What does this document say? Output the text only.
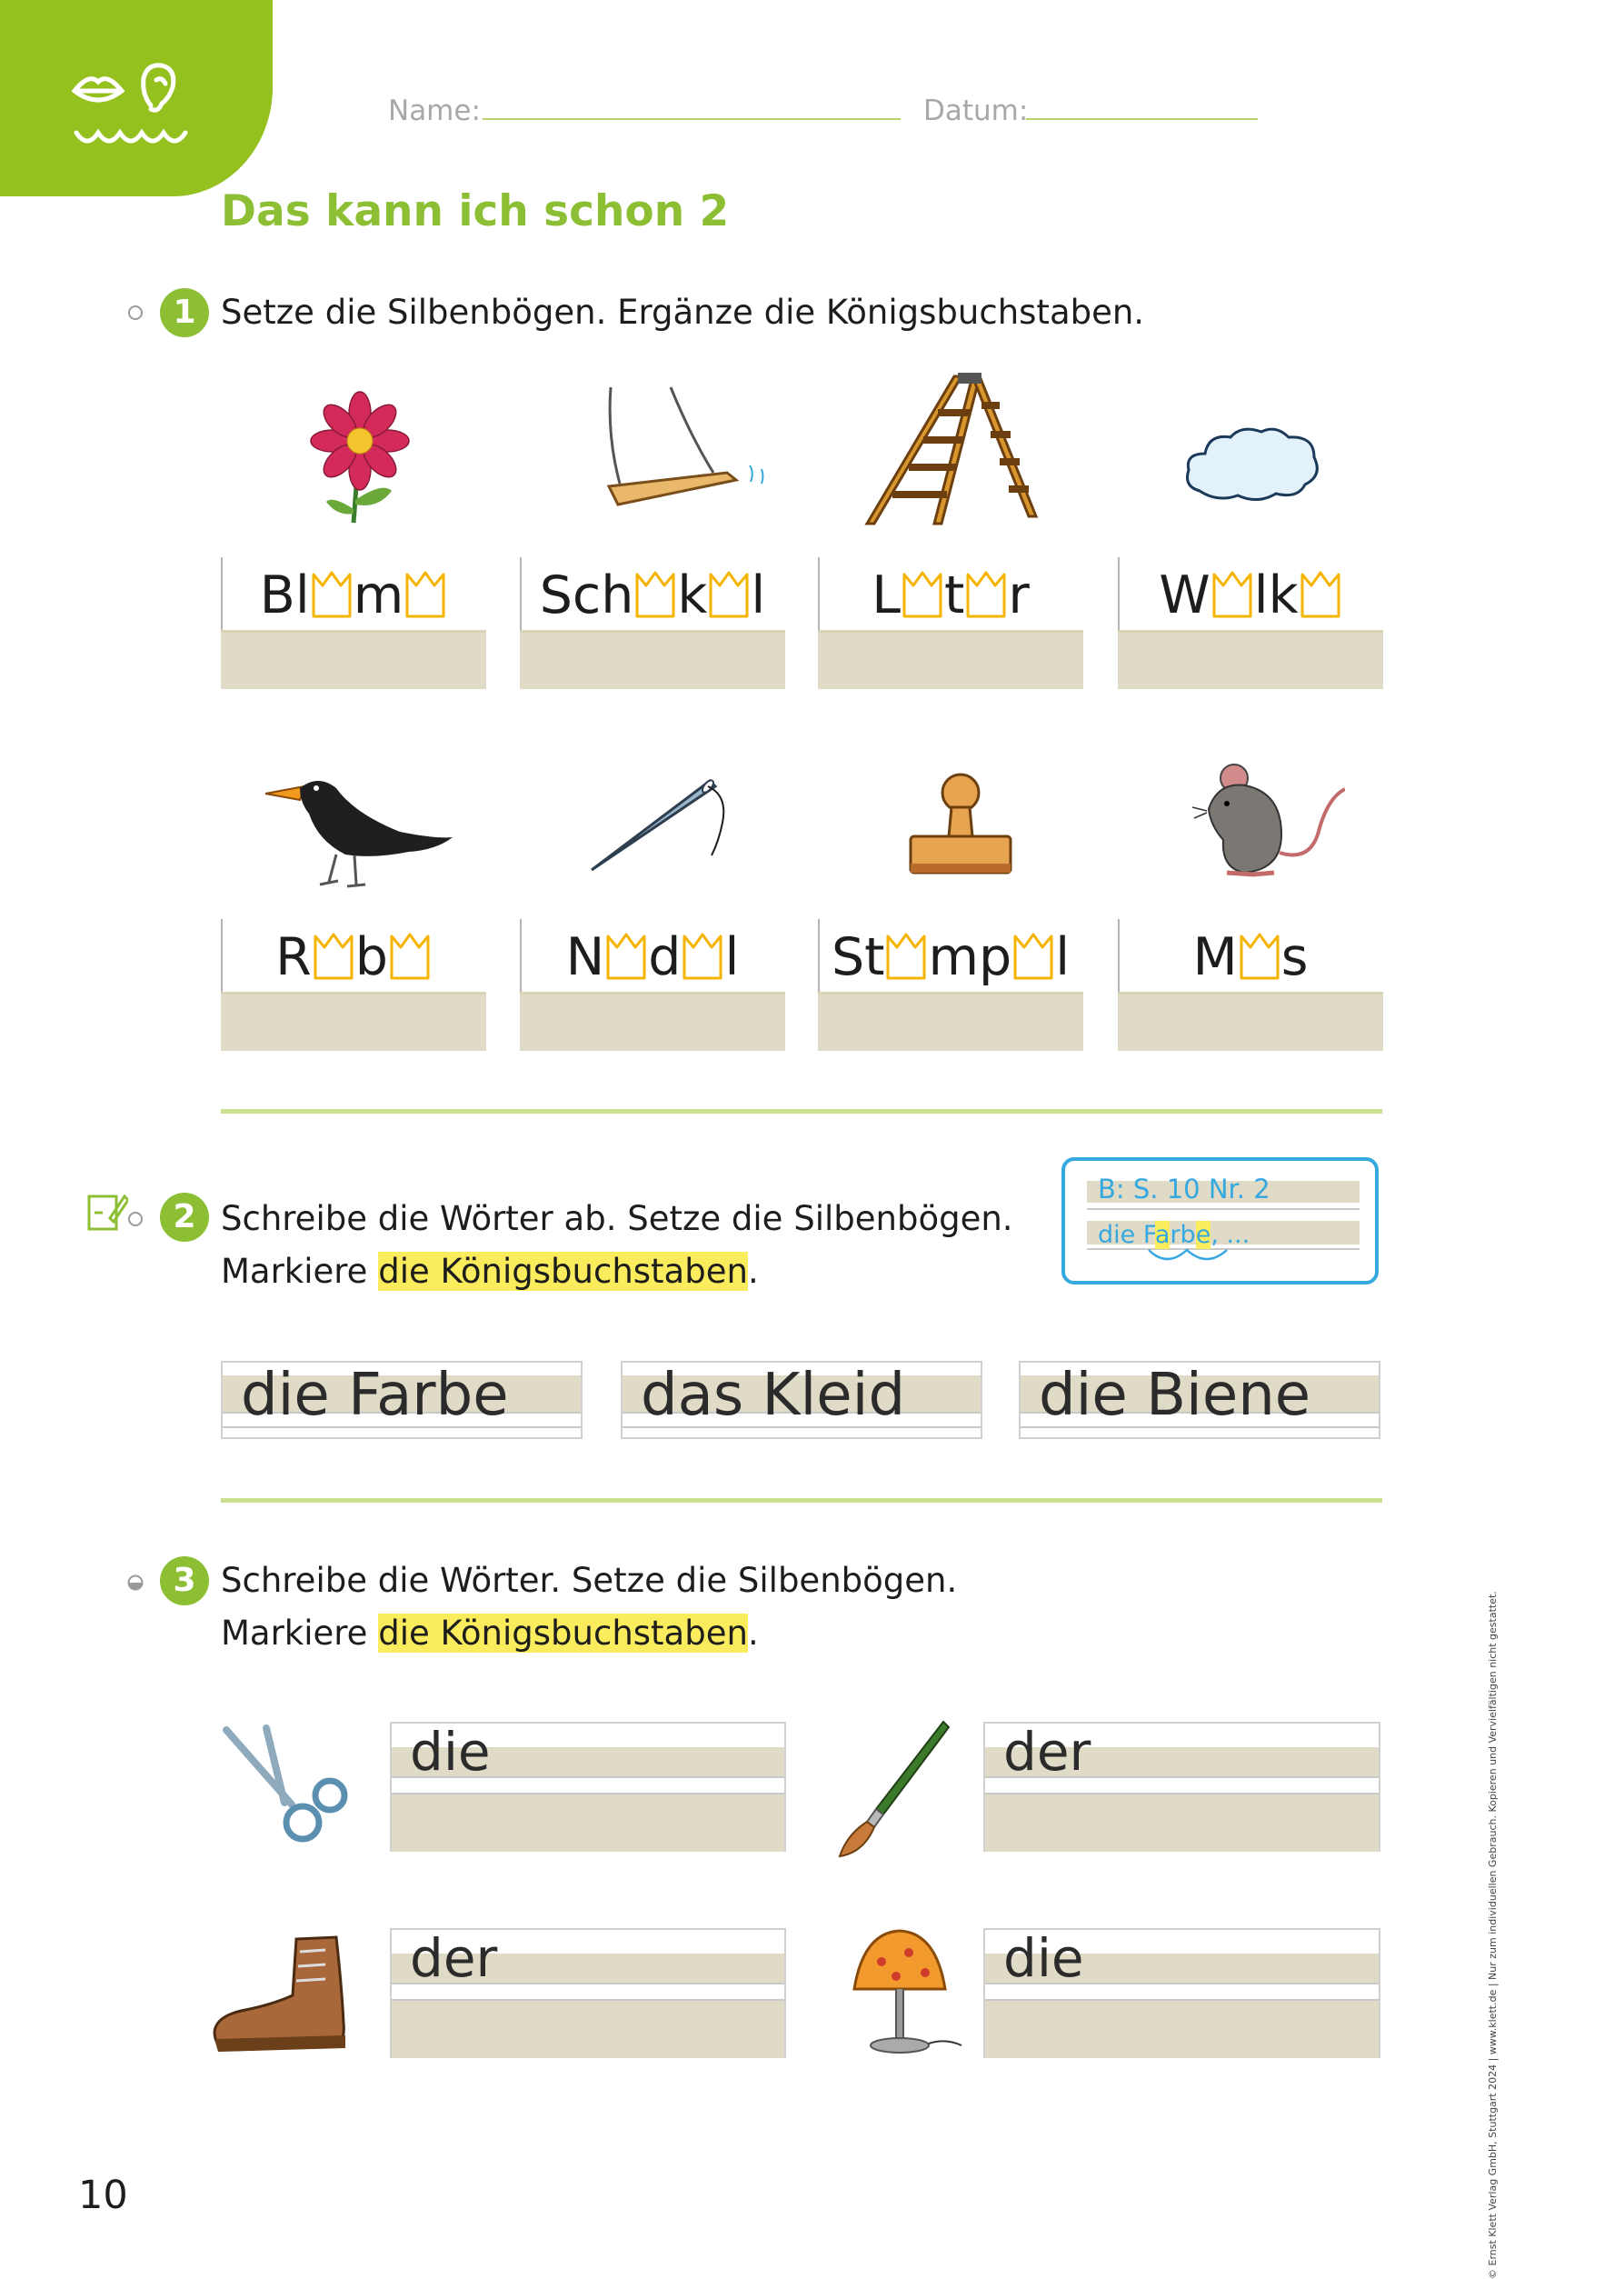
Name:	Datum:
Das kann ich schon 2
1 Setze die Silbenbögen. Ergänze die Königsbuchstaben.
Bl m	Sch k l	L t r	W lk
R b	N d l	St mp l	M s
2 Schreibe die Wörter ab. Setze die Silbenbögen.
Markiere die Königsbuchstaben.
B: S. 10 Nr. 2
die Farbe, ...
die Farbe das Kleid die Biene
3 Schreibe die Wörter. Setze die Silbenbögen.
Markiere die Königsbuchstaben.
die	der
der	die
10	© Ernst Klett Verlag GmbH, Stuttgart 2024 | www.klett.de | Nur zum individuellen Gebrauch. Kopieren und Vervielfältigen nicht gestattet.
